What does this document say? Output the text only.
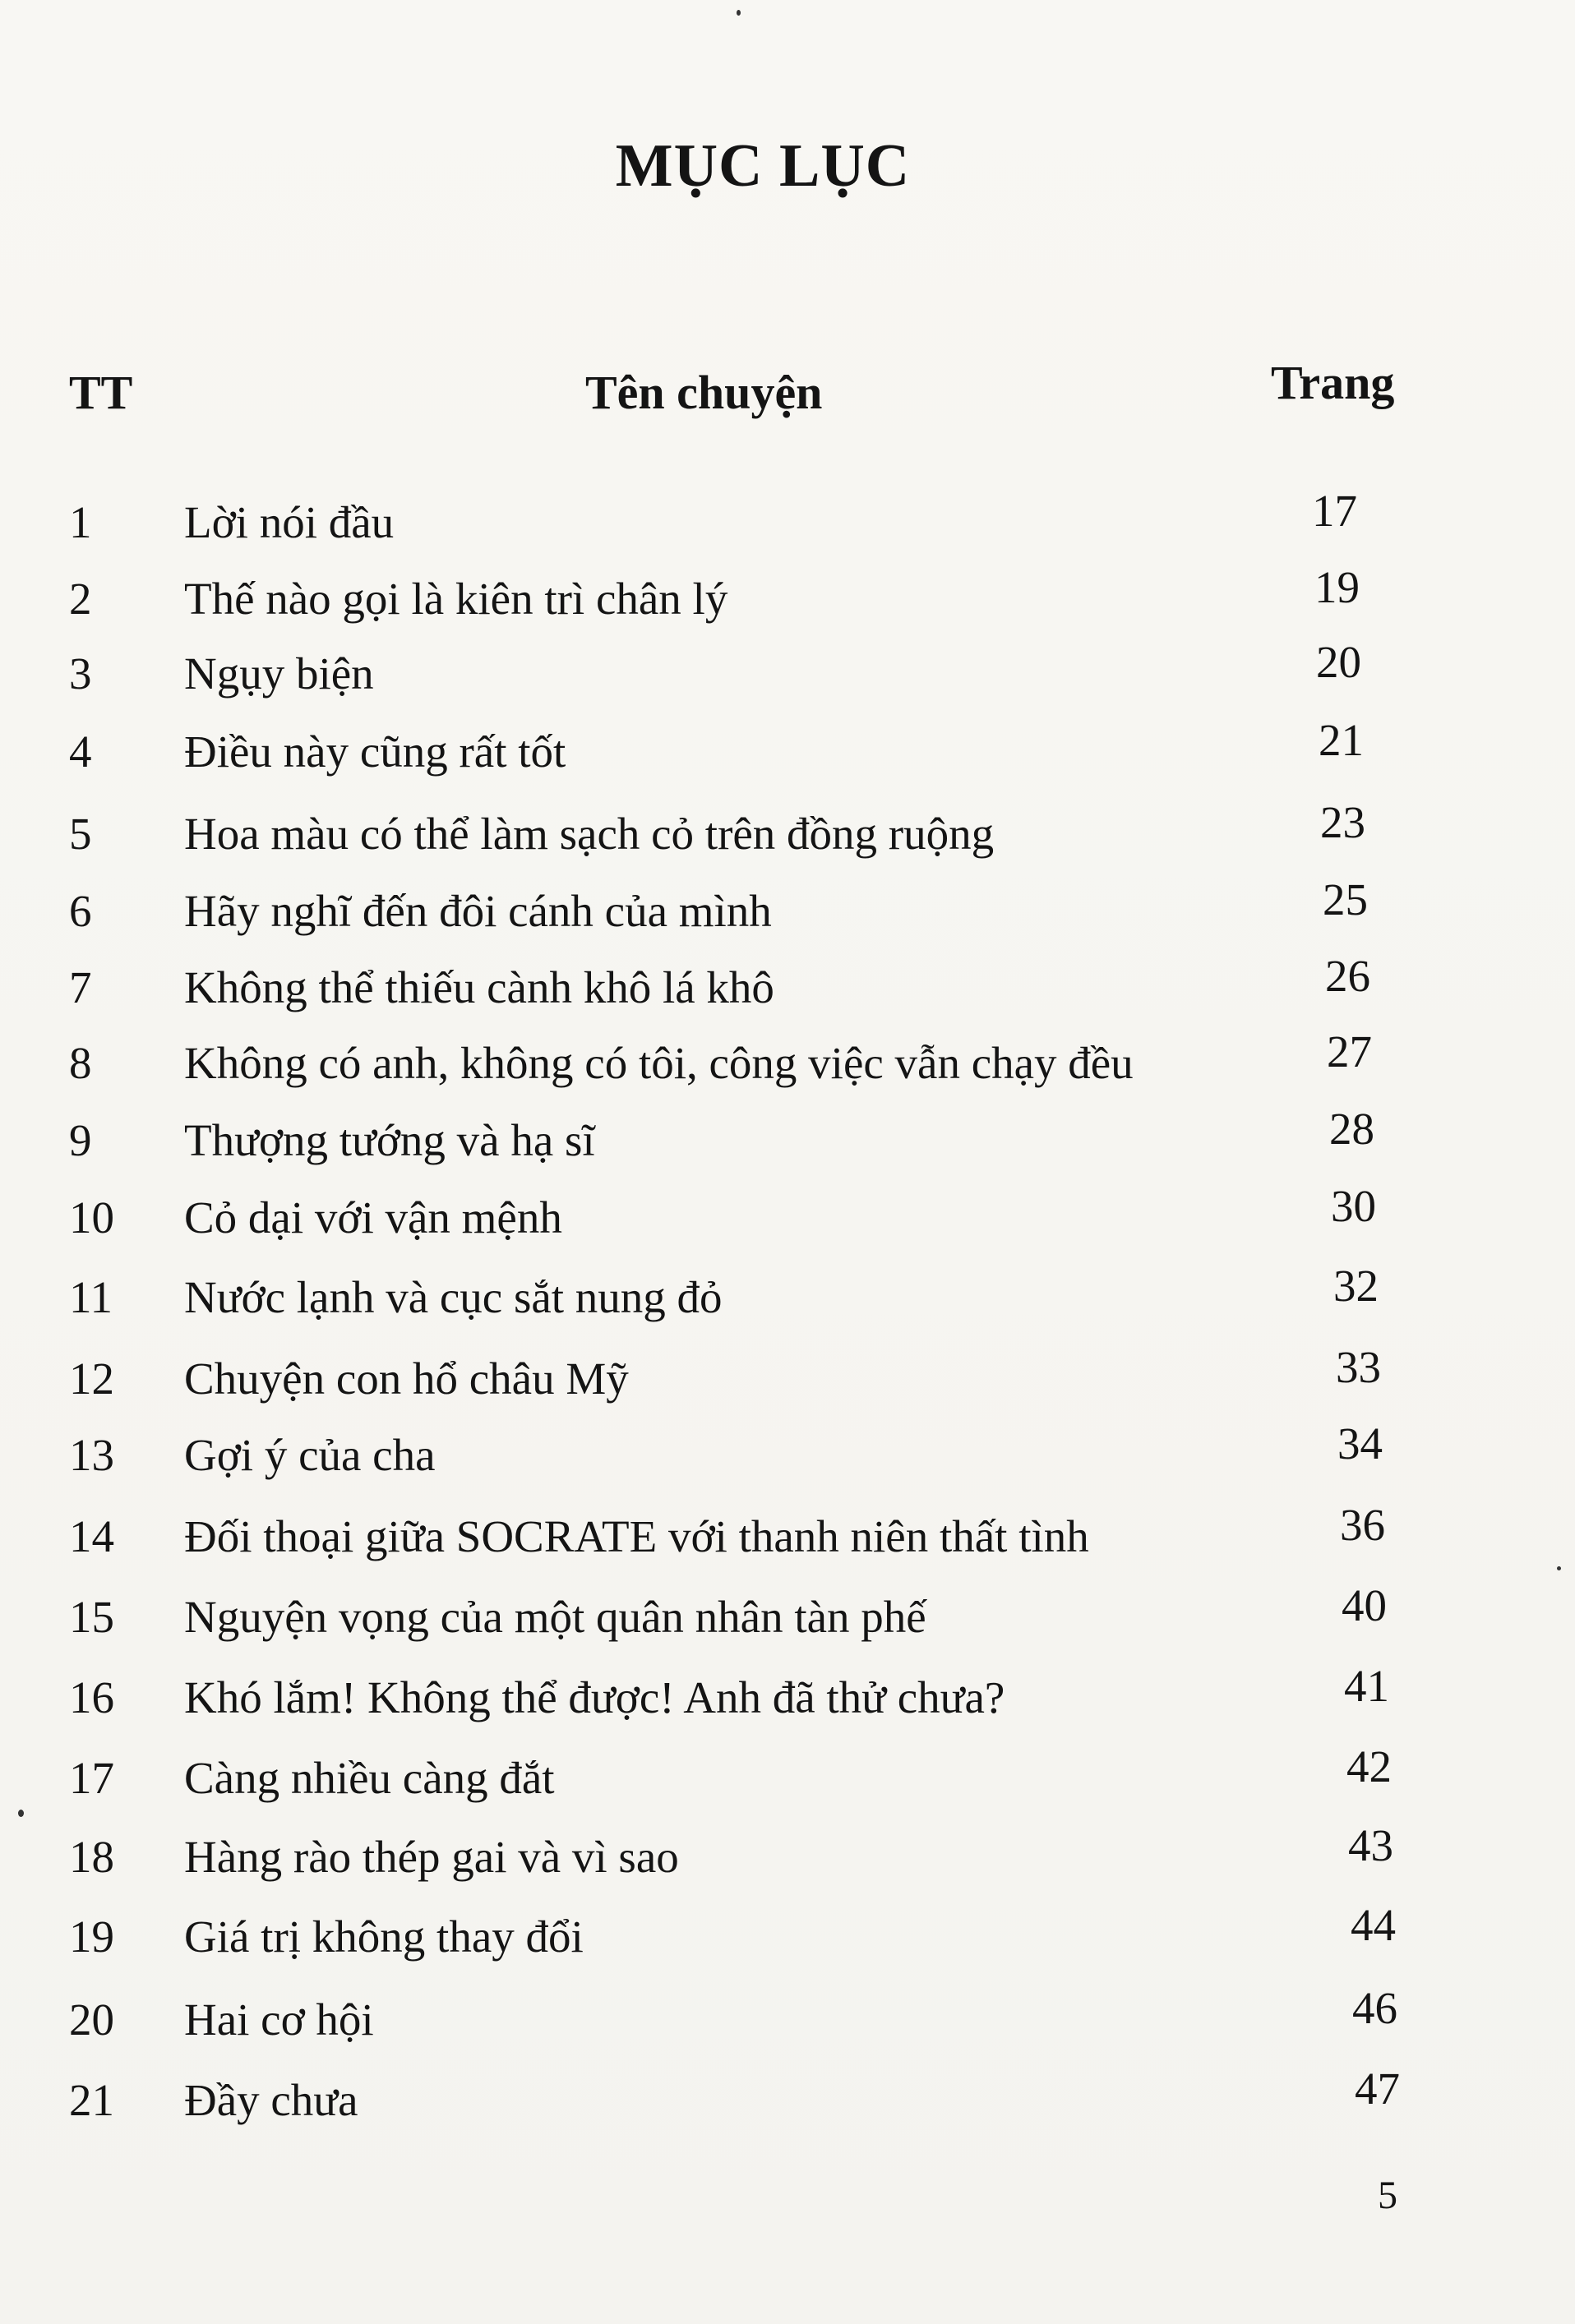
MỤC LỤC
TT	Tên chuyện	Trang
1 Lời nói đầu	17
2 Thế nào gọi là kiên trì chân lý	19
3 Ngụy biện	20
4 Điều này cũng rất tốt	21
5 Hoa màu có thể làm sạch cỏ trên đồng ruộng	23
6 Hãy nghĩ đến đôi cánh của mình	25
7 Không thể thiếu cành khô lá khô	26
8 Không có anh, không có tôi, công việc vẫn chạy đều	27
9 Thượng tướng và hạ sĩ	28
10 Cỏ dại với vận mệnh	30
11 Nước lạnh và cục sắt nung đỏ	32
12 Chuyện con hổ châu Mỹ	33
13 Gợi ý của cha	34
14 Đối thoại giữa SOCRATE với thanh niên thất tình	36
15 Nguyện vọng của một quân nhân tàn phế	40
16 Khó lắm! Không thể được! Anh đã thử chưa?	41
17 Càng nhiều càng đắt	42
18 Hàng rào thép gai và vì sao	43
19 Giá trị không thay đổi	44
20 Hai cơ hội	46
21 Đầy chưa	47
5
